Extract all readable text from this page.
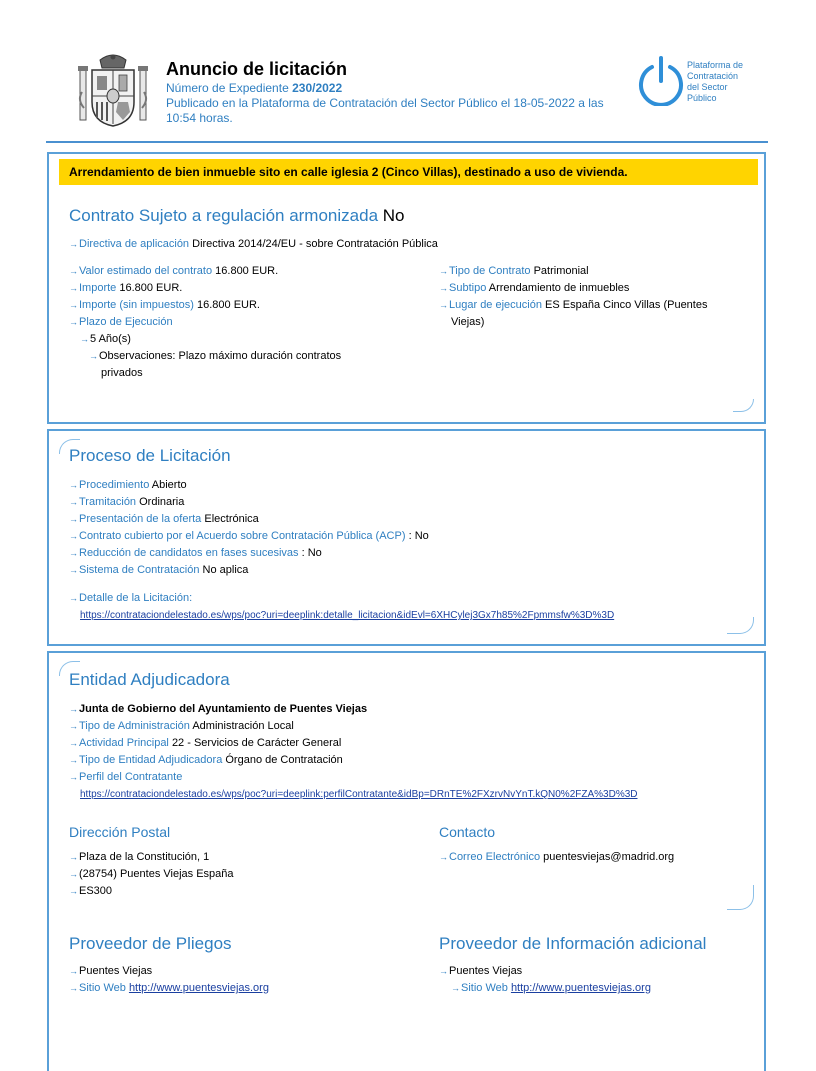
Anuncio de licitación
Número de Expediente 230/2022
Publicado en la Plataforma de Contratación del Sector Público el 18-05-2022 a las 10:54 horas.
Plataforma de
Contratación
del Sector
Público
Arrendamiento de bien inmueble sito en calle iglesia 2 (Cinco Villas), destinado a uso de vivienda.
Contrato Sujeto a regulación armonizada No
→Directiva de aplicación Directiva 2014/24/EU - sobre Contratación Pública
→Valor estimado del contrato 16.800 EUR.
→Importe 16.800 EUR.
→Importe (sin impuestos) 16.800 EUR.
→Plazo de Ejecución
→5 Año(s)
→Observaciones: Plazo máximo duración contratos
privados
→Tipo de Contrato Patrimonial
→Subtipo Arrendamiento de inmuebles
→Lugar de ejecución ES España Cinco Villas (Puentes
Viejas)
Proceso de Licitación
→Procedimiento Abierto
→Tramitación Ordinaria
→Presentación de la oferta Electrónica
→Contrato cubierto por el Acuerdo sobre Contratación Pública (ACP) : No
→Reducción de candidatos en fases sucesivas : No
→Sistema de Contratación No aplica
→Detalle de la Licitación:
https://contrataciondelestado.es/wps/poc?uri=deeplink:detalle_licitacion&idEvl=6XHCylej3Gx7h85%2Fpmmsfw%3D%3D
Entidad Adjudicadora
→Junta de Gobierno del Ayuntamiento de Puentes Viejas
→Tipo de Administración Administración Local
→Actividad Principal 22 - Servicios de Carácter General
→Tipo de Entidad Adjudicadora Órgano de Contratación
→Perfil del Contratante
https://contrataciondelestado.es/wps/poc?uri=deeplink:perfilContratante&idBp=DRnTE%2FXzrvNvYnT.kQN0%2FZA%3D%3D
Dirección Postal
→Plaza de la Constitución, 1
→(28754) Puentes Viejas España
→ES300
Contacto
→Correo Electrónico puentesviejas@madrid.org
Proveedor de Pliegos
→Puentes Viejas
→Sitio Web http://www.puentesviejas.org
Proveedor de Información adicional
→Puentes Viejas
→Sitio Web http://www.puentesviejas.org
